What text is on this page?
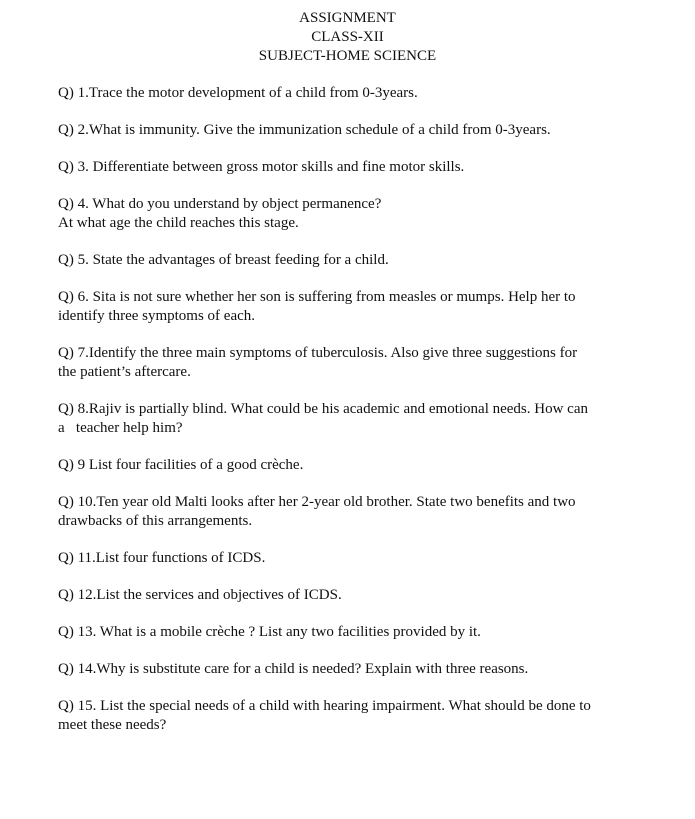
ASSIGNMENT
CLASS-XII
SUBJECT-HOME SCIENCE
Q) 1.Trace the motor development of a child from 0-3years.
Q) 2.What is immunity. Give the immunization schedule of a child from 0-3years.
Q) 3. Differentiate between gross motor skills and fine motor skills.
Q) 4. What do you understand by object permanence?
At what age the child reaches this stage.
Q) 5. State the advantages of breast feeding for a child.
Q) 6. Sita is not sure whether her son is suffering from measles or mumps. Help her to
identify three symptoms of each.
Q) 7.Identify the three main symptoms of tuberculosis. Also give three suggestions for
the patient’s aftercare.
Q) 8.Rajiv is partially blind. What could be his academic and emotional needs. How can
a   teacher help him?
Q) 9 List four facilities of a good crèche.
Q) 10.Ten year old Malti looks after her 2-year old brother. State two benefits and two
drawbacks of this arrangements.
Q) 11.List four functions of ICDS.
Q) 12.List the services and objectives of ICDS.
Q) 13. What is a mobile crèche ? List any two facilities provided by it.
Q) 14.Why is substitute care for a child is needed? Explain with three reasons.
Q) 15. List the special needs of a child with hearing impairment. What should be done to
meet these needs?
